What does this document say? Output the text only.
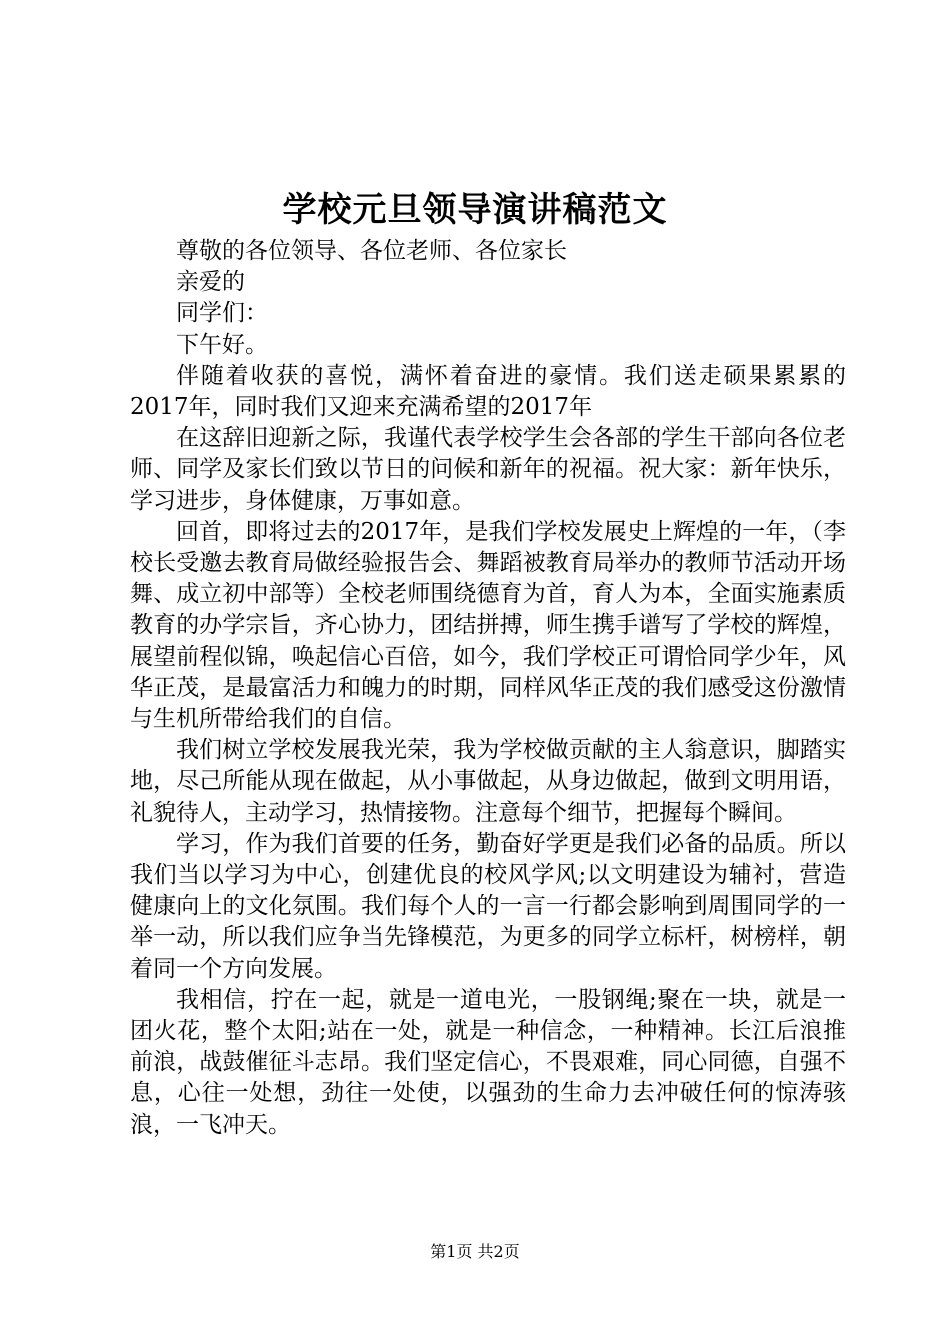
学校元旦领导演讲稿范文

尊敬的各位领导、各位老师、各位家长

亲爱的

同学们：

下午好。

伴随着收获的喜悦，满怀着奋进的豪情。我们送走硕果累累的2017年，同时我们又迎来充满希望的2017年

在这辞旧迎新之际，我谨代表学校学生会各部的学生干部向各位老师、同学及家长们致以节日的问候和新年的祝福。祝大家：新年快乐，学习进步，身体健康，万事如意。

回首，即将过去的2017年，是我们学校发展史上辉煌的一年，（李校长受邀去教育局做经验报告会、舞蹈被教育局举办的教师节活动开场舞、成立初中部等）全校老师围绕德育为首，育人为本，全面实施素质教育的办学宗旨，齐心协力，团结拼搏，师生携手谱写了学校的辉煌，展望前程似锦，唤起信心百倍，如今，我们学校正可谓恰同学少年，风华正茂，是最富活力和魄力的时期，同样风华正茂的我们感受这份激情与生机所带给我们的自信。

我们树立学校发展我光荣，我为学校做贡献的主人翁意识，脚踏实地，尽己所能从现在做起，从小事做起，从身边做起，做到文明用语，礼貌待人，主动学习，热情接物。注意每个细节，把握每个瞬间。

学习，作为我们首要的任务，勤奋好学更是我们必备的品质。所以我们当以学习为中心，创建优良的校风学风;以文明建设为辅衬，营造健康向上的文化氛围。我们每个人的一言一行都会影响到周围同学的一举一动，所以我们应争当先锋模范，为更多的同学立标杆，树榜样，朝着同一个方向发展。

我相信，拧在一起，就是一道电光，一股钢绳;聚在一块，就是一团火花，整个太阳;站在一处，就是一种信念，一种精神。长江后浪推前浪，战鼓催征斗志昂。我们坚定信心，不畏艰难，同心同德，自强不息，心往一处想，劲往一处使，以强劲的生命力去冲破任何的惊涛骇浪，一飞冲天。

第1页 共2页
